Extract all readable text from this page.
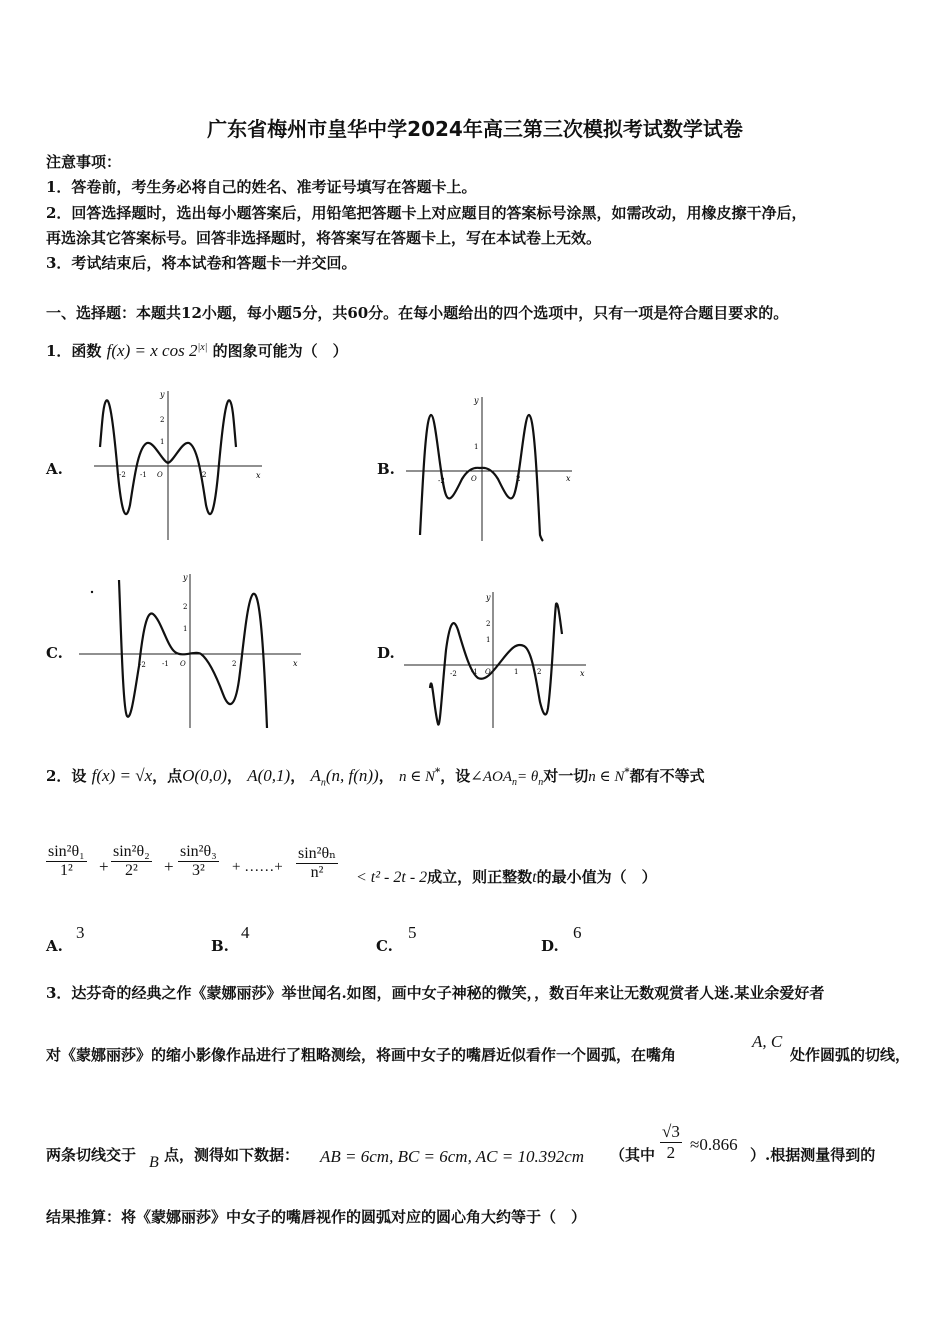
广东省梅州市皇华中学2024年高三第三次模拟考试数学试卷
注意事项：
1．答卷前，考生务必将自己的姓名、准考证号填写在答题卡上。
2．回答选择题时，选出每小题答案后，用铅笔把答题卡上对应题目的答案标号涂黑，如需改动，用橡皮擦干净后，
再选涂其它答案标号。回答非选择题时，将答案写在答题卡上，写在本试卷上无效。
3．考试结束后，将本试卷和答题卡一并交回。
一、选择题：本题共12小题，每小题5分，共60分。在每小题给出的四个选项中，只有一项是符合题目要求的。
1．函数 f(x) = x $\cos 2^{|x|}$ 的图象可能为（　）
A.	B.
C.	D.
x
y
-2 -1 O	2
1
2
x
y
-2	O	2
1
x
y
-2 -1 O	2
2
1
x
y
-2 -1 O	1	2
2
1
2．设 f(x) = √x，点O(0,0)， A(0,1)， $A_n(n$, f(n))， n ∈ N*，设$\angle AOA_n= \theta_n$对一切n ∈ N*都有不等式
$\frac{\text{sin²θ₁}}{\text{1²}} + \frac{\text{sin²θ₂}}{\text{2²}} + \frac{\text{sin²θ₃}}{\text{3²}}$ + ……+ $\frac{\text{sin²θₙ}}{\text{n²}} < t^2 - 2t - 2$成立，则正整数t的最小值为（　）
A.
3
B.
4
C.
5
D.
6
3．达芬奇的经典之作《蒙娜丽莎》举世闻名.如图，画中女子神秘的微笑，，数百年来让无数观赏者人迷.某业余爱好者
对《蒙娜丽莎》的缩小影像作品进行了粗略测绘，将画中女子的嘴唇近似看作一个圆弧，在嘴角
A, C
处作圆弧的切线，
两条切线交于 B 点，测得如下数据： AB = 6cm, BC = 6cm, AC = 10.392cm （其中 $\frac{√3}{2} \approx 0.866$
）.根据测量得到的
结果推算：将《蒙娜丽莎》中女子的嘴唇视作的圆弧对应的圆心角大约等于（　）
